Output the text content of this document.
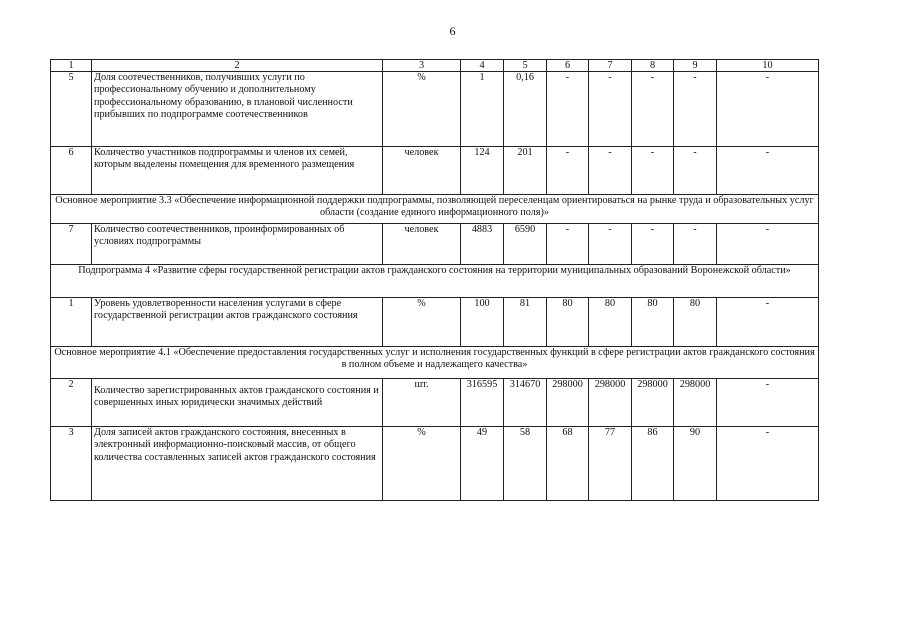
6
1	2	3	4	5	6	7	8	9	10
5	Доля соотечественников, получивших услуги по профессиональному обучению и дополнительному профессиональному образованию, в плановой численности прибывших по подпрограмме соотечественников	%	1	0,16	-	-	-	-	-
6	Количество участников подпрограммы и членов их семей, которым выделены помещения для временного размещения	человек	124	201	-	-	-	-	-
Основное мероприятие 3.3 «Обеспечение информационной поддержки подпрограммы, позволяющей переселенцам ориентироваться на рынке труда и образовательных услуг области (создание единого информационного поля)»									
7	Количество соотечественников, проинформированных об условиях подпрограммы	человек	4883	6590	-	-	-	-	-
Подпрограмма 4 «Развитие сферы государственной регистрации актов гражданского состояния на территории муниципальных образований Воронежской области»									
1	Уровень удовлетворенности населения услугами в сфере государственной регистрации актов гражданского состояния	%	100	81	80	80	80	80	-
Основное мероприятие 4.1 «Обеспечение предоставления государственных услуг и исполнения государственных функций в сфере регистрации актов гражданского состояния в полном объеме и надлежащего качества»									
2	Количество зарегистрированных актов гражданского состояния и совершенных иных юридически значимых действий	шт.	316595	314670	298000	298000	298000	298000	-
3	Доля записей актов гражданского состояния, внесенных в электронный информационно-поисковый массив, от общего количества составленных записей актов гражданского состояния	%	49	58	68	77	86	90	-
